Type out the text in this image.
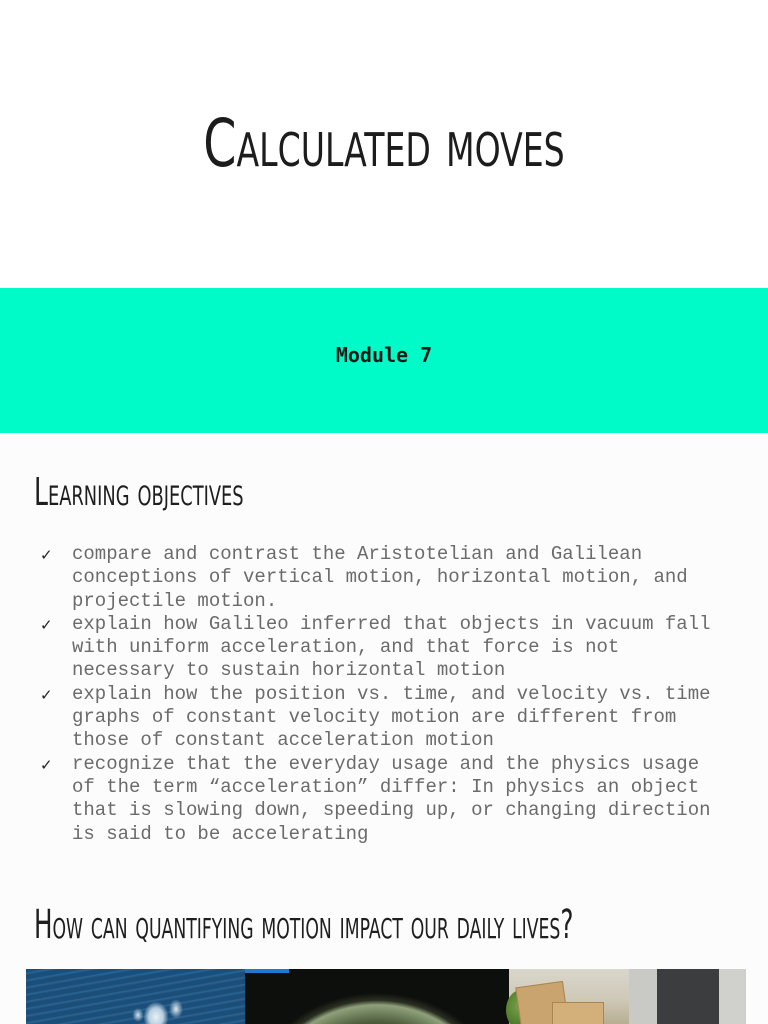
Calculated moves
Module 7
Learning objectives
✓ compare and contrast the Aristotelian and Galilean
conceptions of vertical motion, horizontal motion, and
projectile motion.
✓ explain how Galileo inferred that objects in vacuum fall
with uniform acceleration, and that force is not
necessary to sustain horizontal motion
✓ explain how the position vs. time, and velocity vs. time
graphs of constant velocity motion are different from
those of constant acceleration motion
✓ recognize that the everyday usage and the physics usage
of the term “acceleration” differ: In physics an object
that is slowing down, speeding up, or changing direction
is said to be accelerating
How can quantifying motion impact our daily lives?
